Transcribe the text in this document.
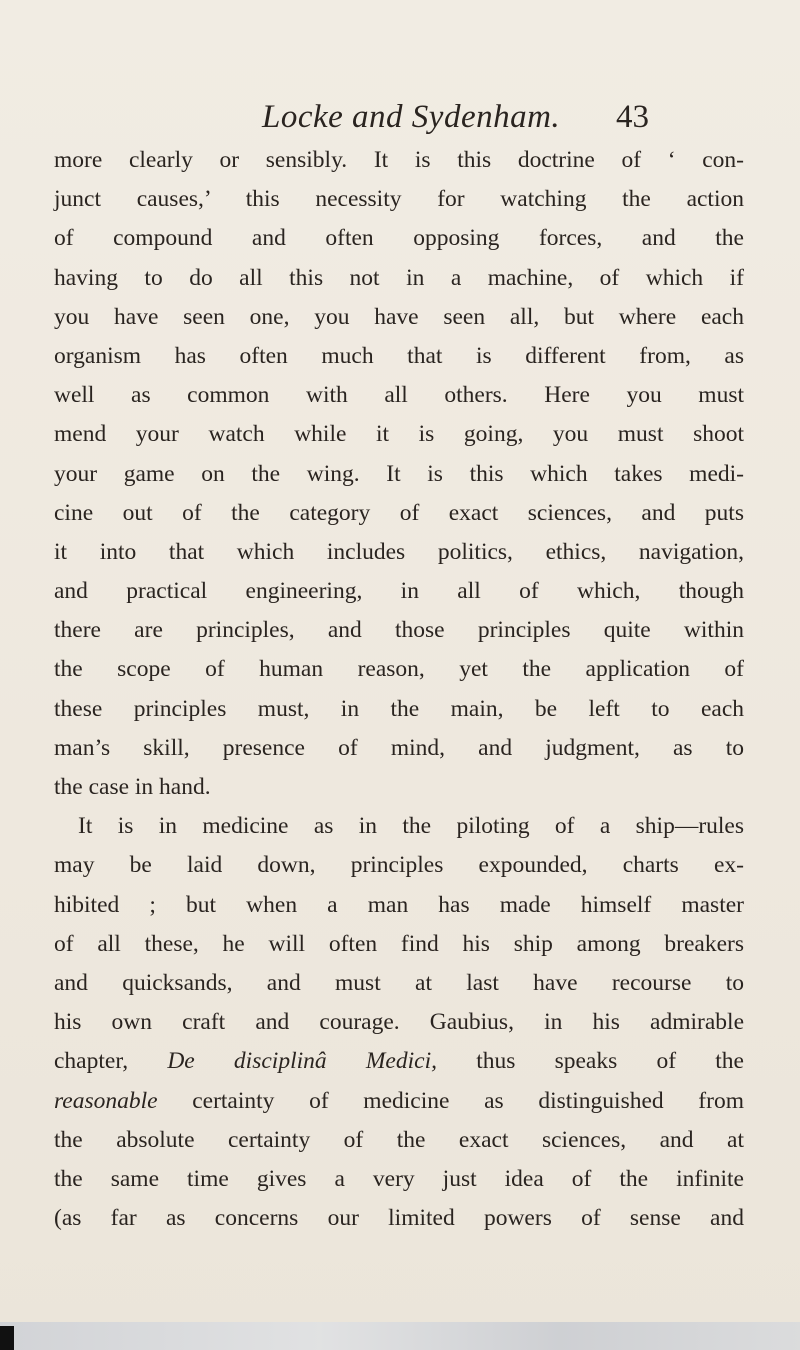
Locke and Sydenham. 43
more clearly or sensibly. It is this doctrine of ‘ con-
junct causes,’ this necessity for watching the action
of compound and often opposing forces, and the
having to do all this not in a machine, of which if
you have seen one, you have seen all, but where each
organism has often much that is different from, as
well as common with all others. Here you must
mend your watch while it is going, you must shoot
your game on the wing. It is this which takes medi-
cine out of the category of exact sciences, and puts
it into that which includes politics, ethics, navigation,
and practical engineering, in all of which, though
there are principles, and those principles quite within
the scope of human reason, yet the application of
these principles must, in the main, be left to each
man’s skill, presence of mind, and judgment, as to
the case in hand.
It is in medicine as in the piloting of a ship—rules
may be laid down, principles expounded, charts ex-
hibited ; but when a man has made himself master
of all these, he will often find his ship among breakers
and quicksands, and must at last have recourse to
his own craft and courage. Gaubius, in his admirable
chapter, De disciplinâ Medici, thus speaks of the
reasonable certainty of medicine as distinguished from
the absolute certainty of the exact sciences, and at
the same time gives a very just idea of the infinite
(as far as concerns our limited powers of sense and
